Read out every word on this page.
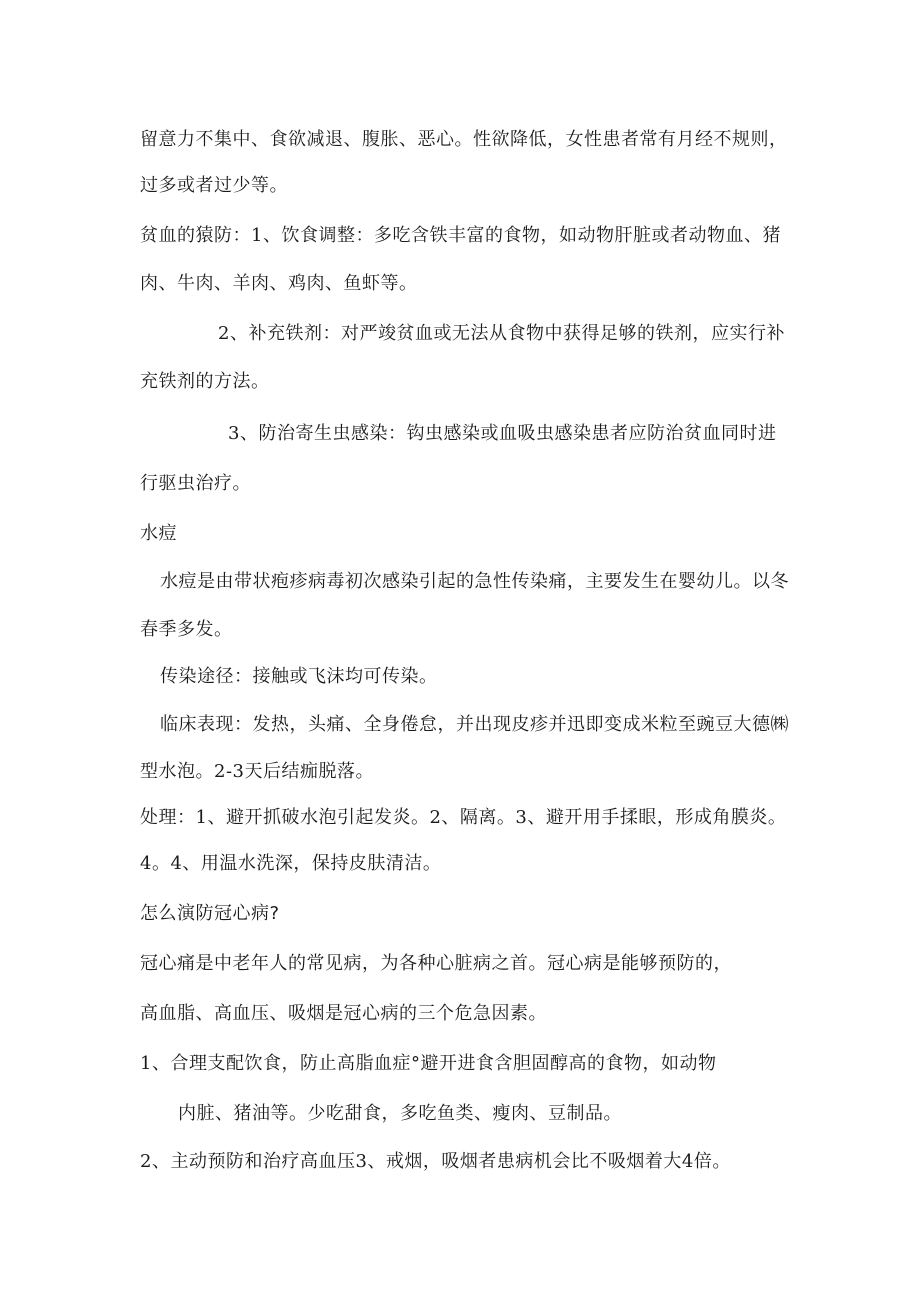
留意力不集中、食欲减退、腹胀、恶心。性欲降低，女性患者常有月经不规则，
过多或者过少等。
贫血的猿防：1、饮食调整：多吃含铁丰富的食物，如动物肝脏或者动物血、猪
肉、牛肉、羊肉、鸡肉、鱼虾等。
2、补充铁剂：对严竣贫血或无法从食物中获得足够的铁剂，应实行补
充铁剂的方法。
3、防治寄生虫感染：钩虫感染或血吸虫感染患者应防治贫血同时进
行驱虫治疗。
水痘
水痘是由带状疱疹病毒初次感染引起的急性传染痛，主要发生在婴幼儿。以冬
春季多发。
传染途径：接触或飞沫均可传染。
临床表现：发热，头痛、全身倦怠，并出现皮疹并迅即变成米粒至豌豆大德㈱
型水泡。2-3天后结痂脱落。
处理：1、避开抓破水泡引起发炎。2、隔离。3、避开用手揉眼，形成角膜炎。
4。4、用温水洗深，保持皮肤清洁。
怎么演防冠心病?
冠心痛是中老年人的常见病，为各种心脏病之首。冠心病是能够预防的，
高血脂、高血压、吸烟是冠心病的三个危急因素。
1、合理支配饮食，防止高脂血症°避开进食含胆固醇高的食物，如动物
内脏、猪油等。少吃甜食，多吃鱼类、瘦肉、豆制品。
2、主动预防和治疗高血压3、戒烟，吸烟者患病机会比不吸烟着大4倍。
